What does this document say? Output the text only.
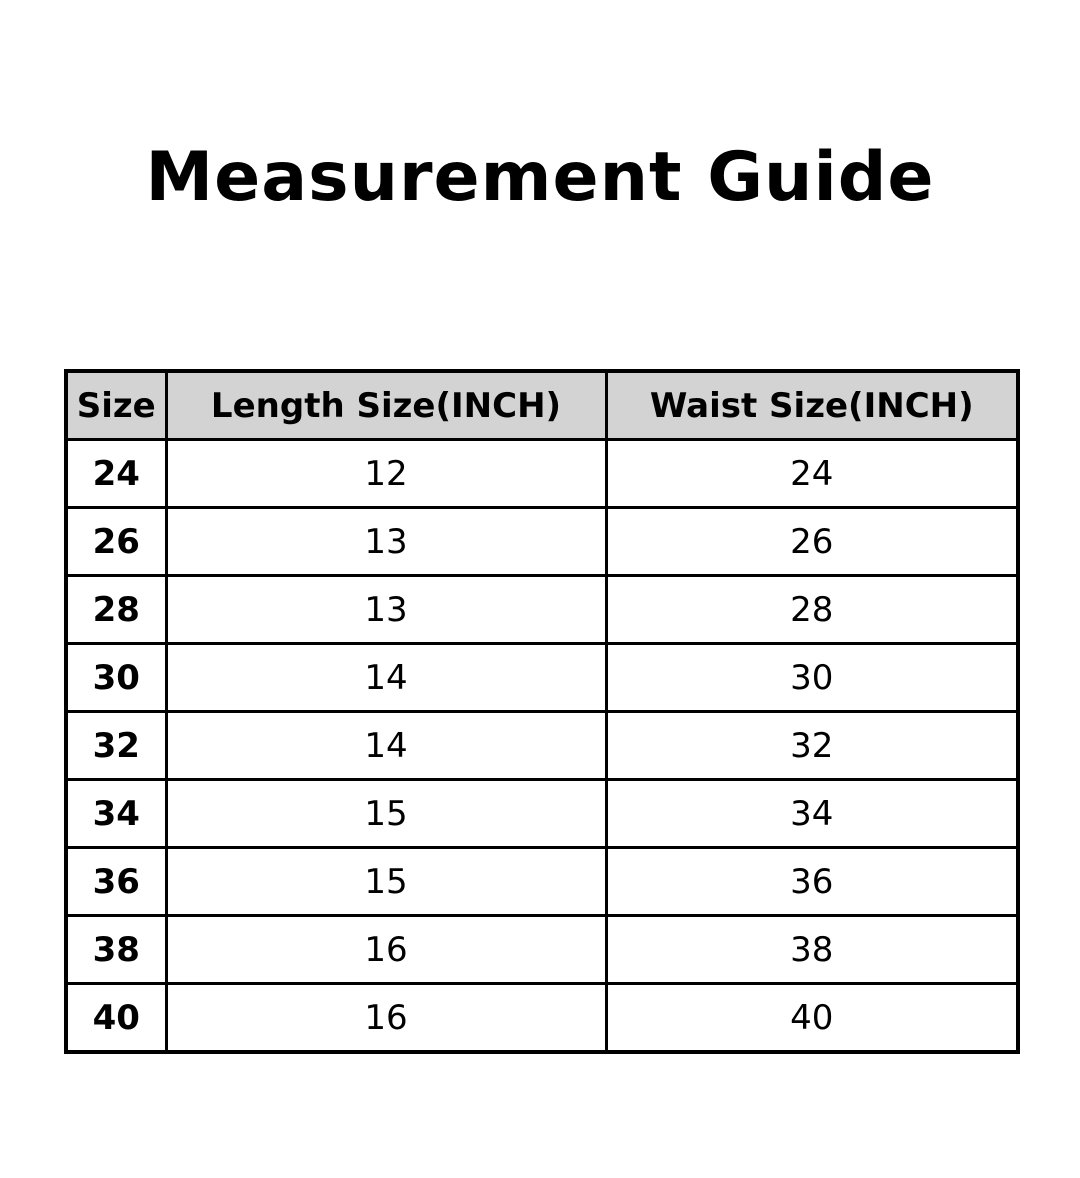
Measurement Guide
Size	Length Size(INCH)	Waist Size(INCH)
24	12	24
26	13	26
28	13	28
30	14	30
32	14	32
34	15	34
36	15	36
38	16	38
40	16	40
